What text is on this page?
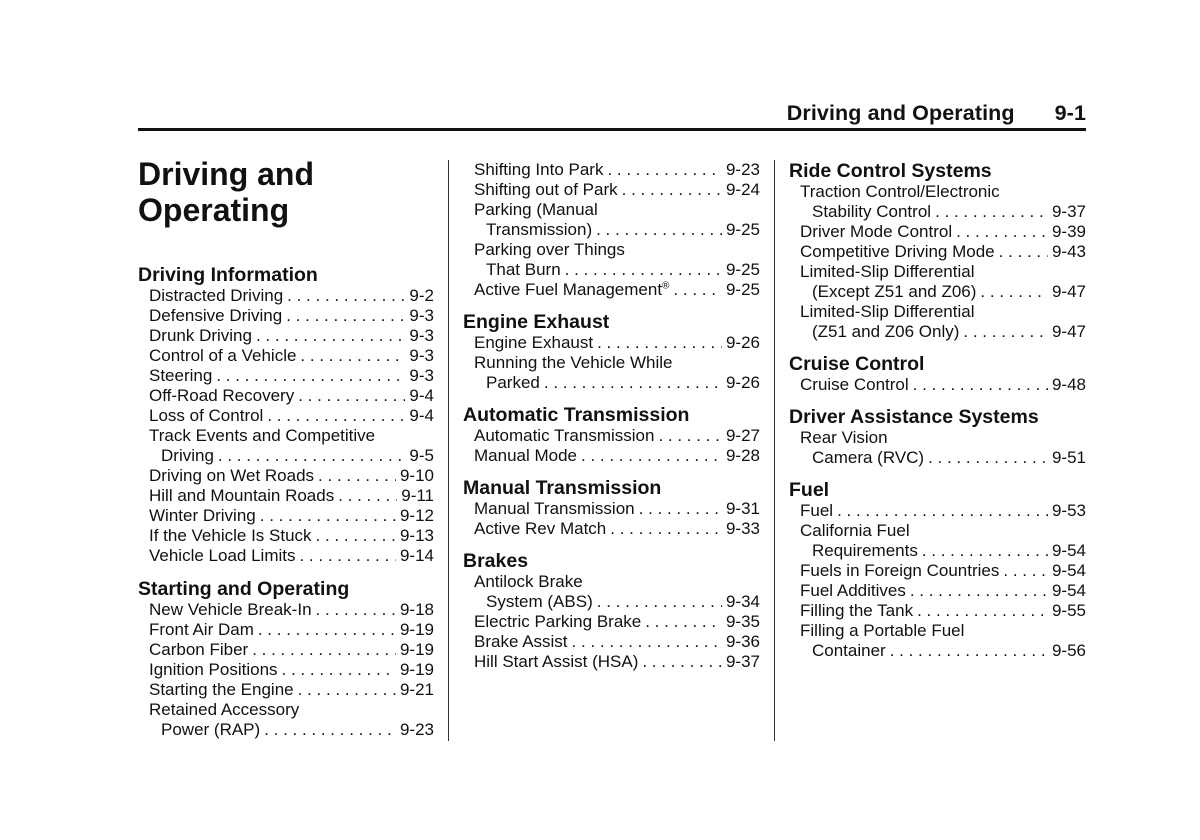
Driving and Operating 9-1
Driving and
Operating
Driving Information
Distracted Driving . . .	9-2
Defensive Driving . . .	9-3
Drunk Driving . . .	9-3
Control of a Vehicle . . .	9-3
Steering . . .	9-3
Off-Road Recovery . . .	9-4
Loss of Control . . .	9-4
Track Events and Competitive
Driving . . .	9-5
Driving on Wet Roads . . .	9-10
Hill and Mountain Roads . . .	9-11
Winter Driving . . .	9-12
If the Vehicle Is Stuck . . .	9-13
Vehicle Load Limits . . .	9-14
Starting and Operating
New Vehicle Break-In . . .	9-18
Front Air Dam . . .	9-19
Carbon Fiber . . .	9-19
Ignition Positions . . .	9-19
Starting the Engine . . .	9-21
Retained Accessory
Power (RAP) . . .	9-23
Shifting Into Park . . .	9-23
Shifting out of Park . . .	9-24
Parking (Manual
Transmission) . . .	9-25
Parking over Things
That Burn . . .	9-25
Active Fuel Management® . . .	9-25
Engine Exhaust
Engine Exhaust . . .	9-26
Running the Vehicle While
Parked . . .	9-26
Automatic Transmission
Automatic Transmission . . .	9-27
Manual Mode . . .	9-28
Manual Transmission
Manual Transmission . . .	9-31
Active Rev Match . . .	9-33
Brakes
Antilock Brake
System (ABS) . . .	9-34
Electric Parking Brake . . .	9-35
Brake Assist . . .	9-36
Hill Start Assist (HSA) . . .	9-37
Ride Control Systems
Traction Control/Electronic
Stability Control . . .	9-37
Driver Mode Control . . .	9-39
Competitive Driving Mode . . .	9-43
Limited-Slip Differential
(Except Z51 and Z06) . . .	9-47
Limited-Slip Differential
(Z51 and Z06 Only) . . .	9-47
Cruise Control
Cruise Control . . .	9-48
Driver Assistance Systems
Rear Vision
Camera (RVC) . . .	9-51
Fuel
Fuel . . .	9-53
California Fuel
Requirements . . .	9-54
Fuels in Foreign Countries . . .	9-54
Fuel Additives . . .	9-54
Filling the Tank . . .	9-55
Filling a Portable Fuel
Container . . .	9-56
